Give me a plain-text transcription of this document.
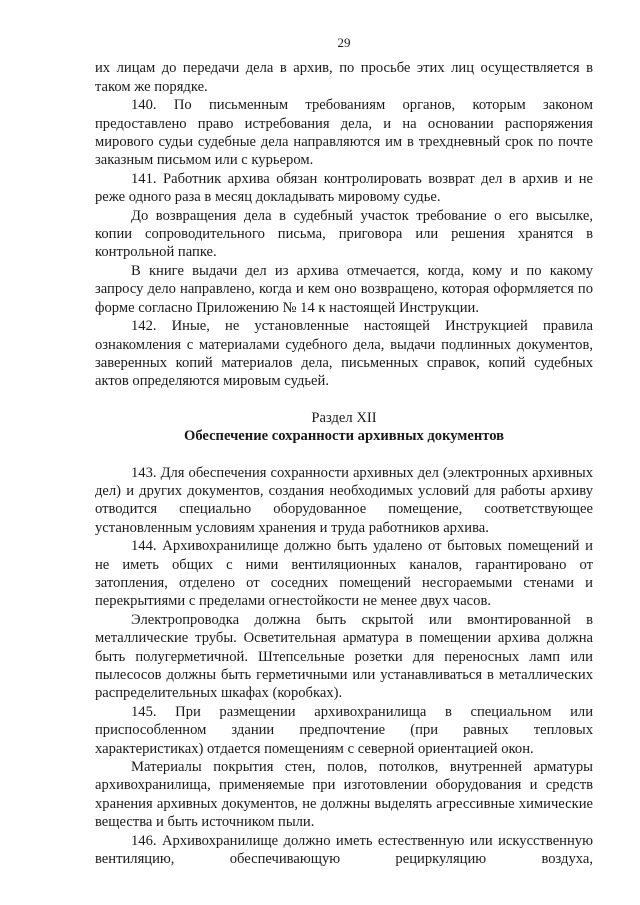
29

их лицам до передачи дела в архив, по просьбе этих лиц осуществляется в таком же порядке.

140. По письменным требованиям органов, которым законом предоставлено право истребования дела, и на основании распоряжения мирового судьи судебные дела направляются им в трехдневный срок по почте заказным письмом или с курьером.

141. Работник архива обязан контролировать возврат дел в архив и не реже одного раза в месяц докладывать мировому судье.

До возвращения дела в судебный участок требование о его высылке, копии сопроводительного письма, приговора или решения хранятся в контрольной папке.

В книге выдачи дел из архива отмечается, когда, кому и по какому запросу дело направлено, когда и кем оно возвращено, которая оформляется по форме согласно Приложению № 14 к настоящей Инструкции.

142. Иные, не установленные настоящей Инструкцией правила ознакомления с материалами судебного дела, выдачи подлинных документов, заверенных копий материалов дела, письменных справок, копий судебных актов определяются мировым судьей.

Раздел XII
Обеспечение сохранности архивных документов

143. Для обеспечения сохранности архивных дел (электронных архивных дел) и других документов, создания необходимых условий для работы архиву отводится специально оборудованное помещение, соответствующее установленным условиям хранения и труда работников архива.

144. Архивохранилище должно быть удалено от бытовых помещений и не иметь общих с ними вентиляционных каналов, гарантировано от затопления, отделено от соседних помещений несгораемыми стенами и перекрытиями с пределами огнестойкости не менее двух часов.

Электропроводка должна быть скрытой или вмонтированной в металлические трубы. Осветительная арматура в помещении архива должна быть полугерметичной. Штепсельные розетки для переносных ламп или пылесосов должны быть герметичными или устанавливаться в металлических распределительных шкафах (коробках).

145. При размещении архивохранилища в специальном или приспособленном здании предпочтение (при равных тепловых характеристиках) отдается помещениям с северной ориентацией окон.

Материалы покрытия стен, полов, потолков, внутренней арматуры архивохранилища, применяемые при изготовлении оборудования и средств хранения архивных документов, не должны выделять агрессивные химические вещества и быть источником пыли.

146. Архивохранилище должно иметь естественную или искусственную вентиляцию, обеспечивающую рециркуляцию воздуха,
